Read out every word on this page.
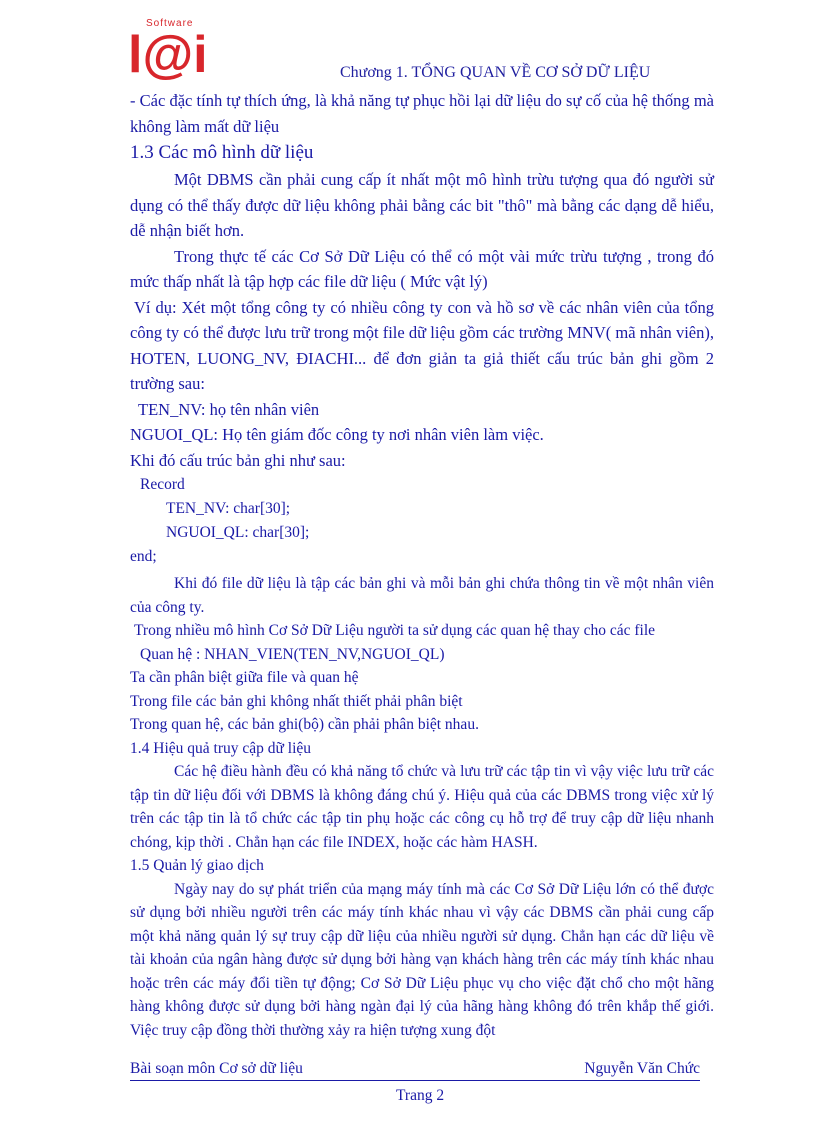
Software
l@i	Chương 1. TỔNG QUAN VỀ CƠ SỞ DỮ LIỆU

- Các đặc tính tự thích ứng, là khả năng tự phục hồi lại dữ liệu do sự cố của hệ thống mà không làm mất dữ liệu

1.3 Các mô hình dữ liệu

Một DBMS cần phải cung cấp ít nhất một mô hình trừu tượng qua đó người sử dụng có thể thấy được dữ liệu không phải bằng các bit "thô" mà bằng các dạng dễ hiểu, dễ nhận biết hơn.

Trong thực tế các Cơ Sở Dữ Liệu có thể có một vài mức trừu tượng , trong đó mức thấp nhất là tập hợp các file dữ liệu ( Mức vật lý)

Ví dụ: Xét một tổng công ty có nhiều công ty con và hồ sơ về các nhân viên của tổng công ty có thể được lưu trữ trong một file dữ liệu gồm các trường MNV( mã nhân viên), HOTEN, LUONG_NV, ĐIACHI... để đơn giản ta giả thiết cấu trúc bản ghi gồm 2 trường sau:

TEN_NV: họ tên nhân viên

NGUOI_QL: Họ tên giám đốc công ty nơi nhân viên làm việc.

Khi đó cấu trúc bản ghi như sau:

Record

TEN_NV: char[30];

NGUOI_QL: char[30];

end;

Khi đó file dữ liệu là tập các bản ghi và mỗi bản ghi chứa thông tin về một nhân viên của công ty.

Trong nhiều mô hình Cơ Sở Dữ Liệu người ta sử dụng các quan hệ thay cho các file

Quan hệ : NHAN_VIEN(TEN_NV,NGUOI_QL)

Ta cần phân biệt giữa file và quan hệ

Trong file các bản ghi không nhất thiết phải phân biệt

Trong quan hệ, các bản ghi(bộ) cần phải phân biệt nhau.

1.4 Hiệu quả truy cập dữ liệu

Các hệ điều hành đều có khả năng tổ chức và lưu trữ các tập tin vì vậy việc lưu trữ các tập tin dữ liệu đối với DBMS là không đáng chú ý. Hiệu quả của các DBMS trong việc xử lý trên các tập tin là tổ chức các tập tin phụ hoặc các công cụ hỗ trợ để truy cập dữ liệu nhanh chóng, kịp thời . Chẳn hạn các file INDEX, hoặc các hàm HASH.

1.5 Quản lý giao dịch

Ngày nay do sự phát triển của mạng máy tính mà các Cơ Sở Dữ Liệu lớn có thể được sử dụng bởi nhiều người trên các máy tính khác nhau vì vậy các DBMS cần phải cung cấp một khả năng quản lý sự truy cập dữ liệu của nhiều người sử dụng. Chẳn hạn các dữ liệu về tài khoản của ngân hàng được sử dụng bởi hàng vạn khách hàng trên các máy tính khác nhau hoặc trên các máy đổi tiền tự động; Cơ Sở Dữ Liệu phục vụ cho việc đặt chổ cho một hãng hàng không được sử dụng bởi hàng ngàn đại lý của hãng hàng không đó trên khắp thế giới. Việc truy cập đồng thời thường xảy ra hiện tượng xung đột

Bài soạn môn Cơ sở dữ liệu	Nguyễn Văn Chức
Trang 2
